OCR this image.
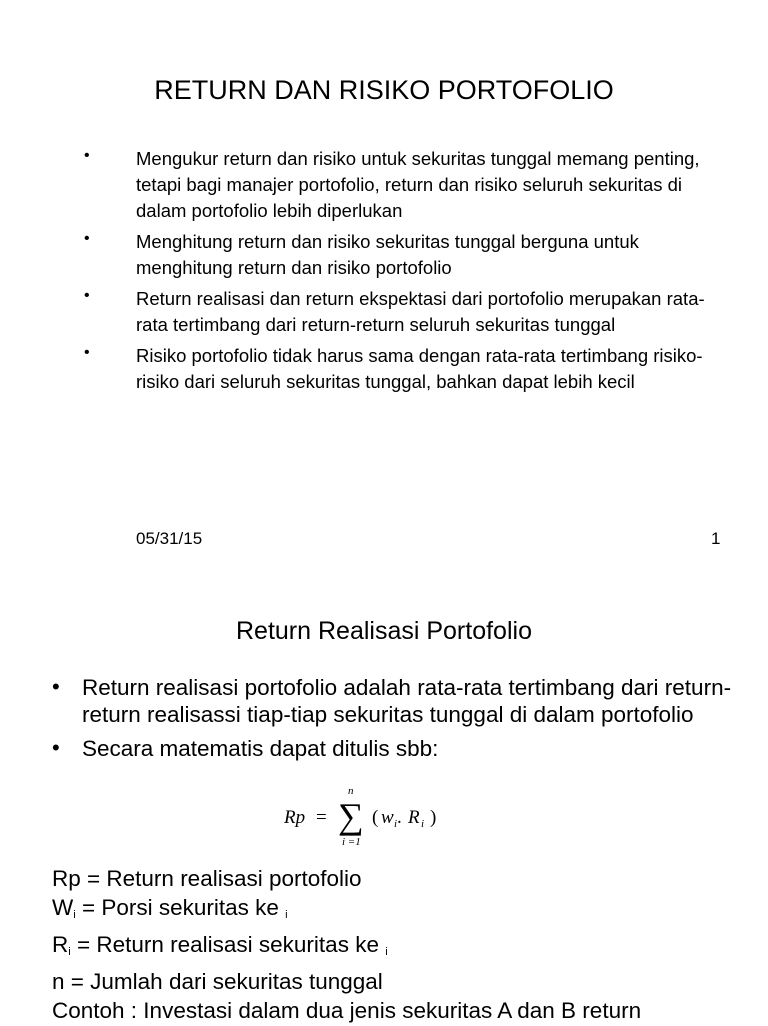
RETURN DAN RISIKO PORTOFOLIO
•	Mengukur return dan risiko untuk sekuritas tunggal memang penting, tetapi bagi manajer portofolio, return dan risiko seluruh sekuritas di dalam portofolio lebih diperlukan
•	Menghitung return dan risiko sekuritas tunggal berguna untuk menghitung return dan risiko portofolio
•	Return realisasi dan return ekspektasi dari portofolio merupakan rata-rata tertimbang dari return-return seluruh sekuritas tunggal
•	Risiko portofolio tidak harus sama dengan rata-rata tertimbang risiko- risiko dari seluruh sekuritas tunggal, bahkan dapat lebih kecil
05/31/15	1
Return Realisasi Portofolio
• Return realisasi portofolio adalah rata-rata tertimbang dari return-return realisassi tiap-tiap sekuritas tunggal di dalam portofolio
• Secara matematis dapat ditulis sbb:
Rp = ∑
n
i =1
( w i . R i )
Rp = Return realisasi portofolio
$W_i$ = Porsi sekuritas ke $_i$
$R_i$ = Return realisasi sekuritas ke $_i$
n = Jumlah dari sekuritas tunggal
Contoh : Investasi dalam dua jenis sekuritas A dan B return
